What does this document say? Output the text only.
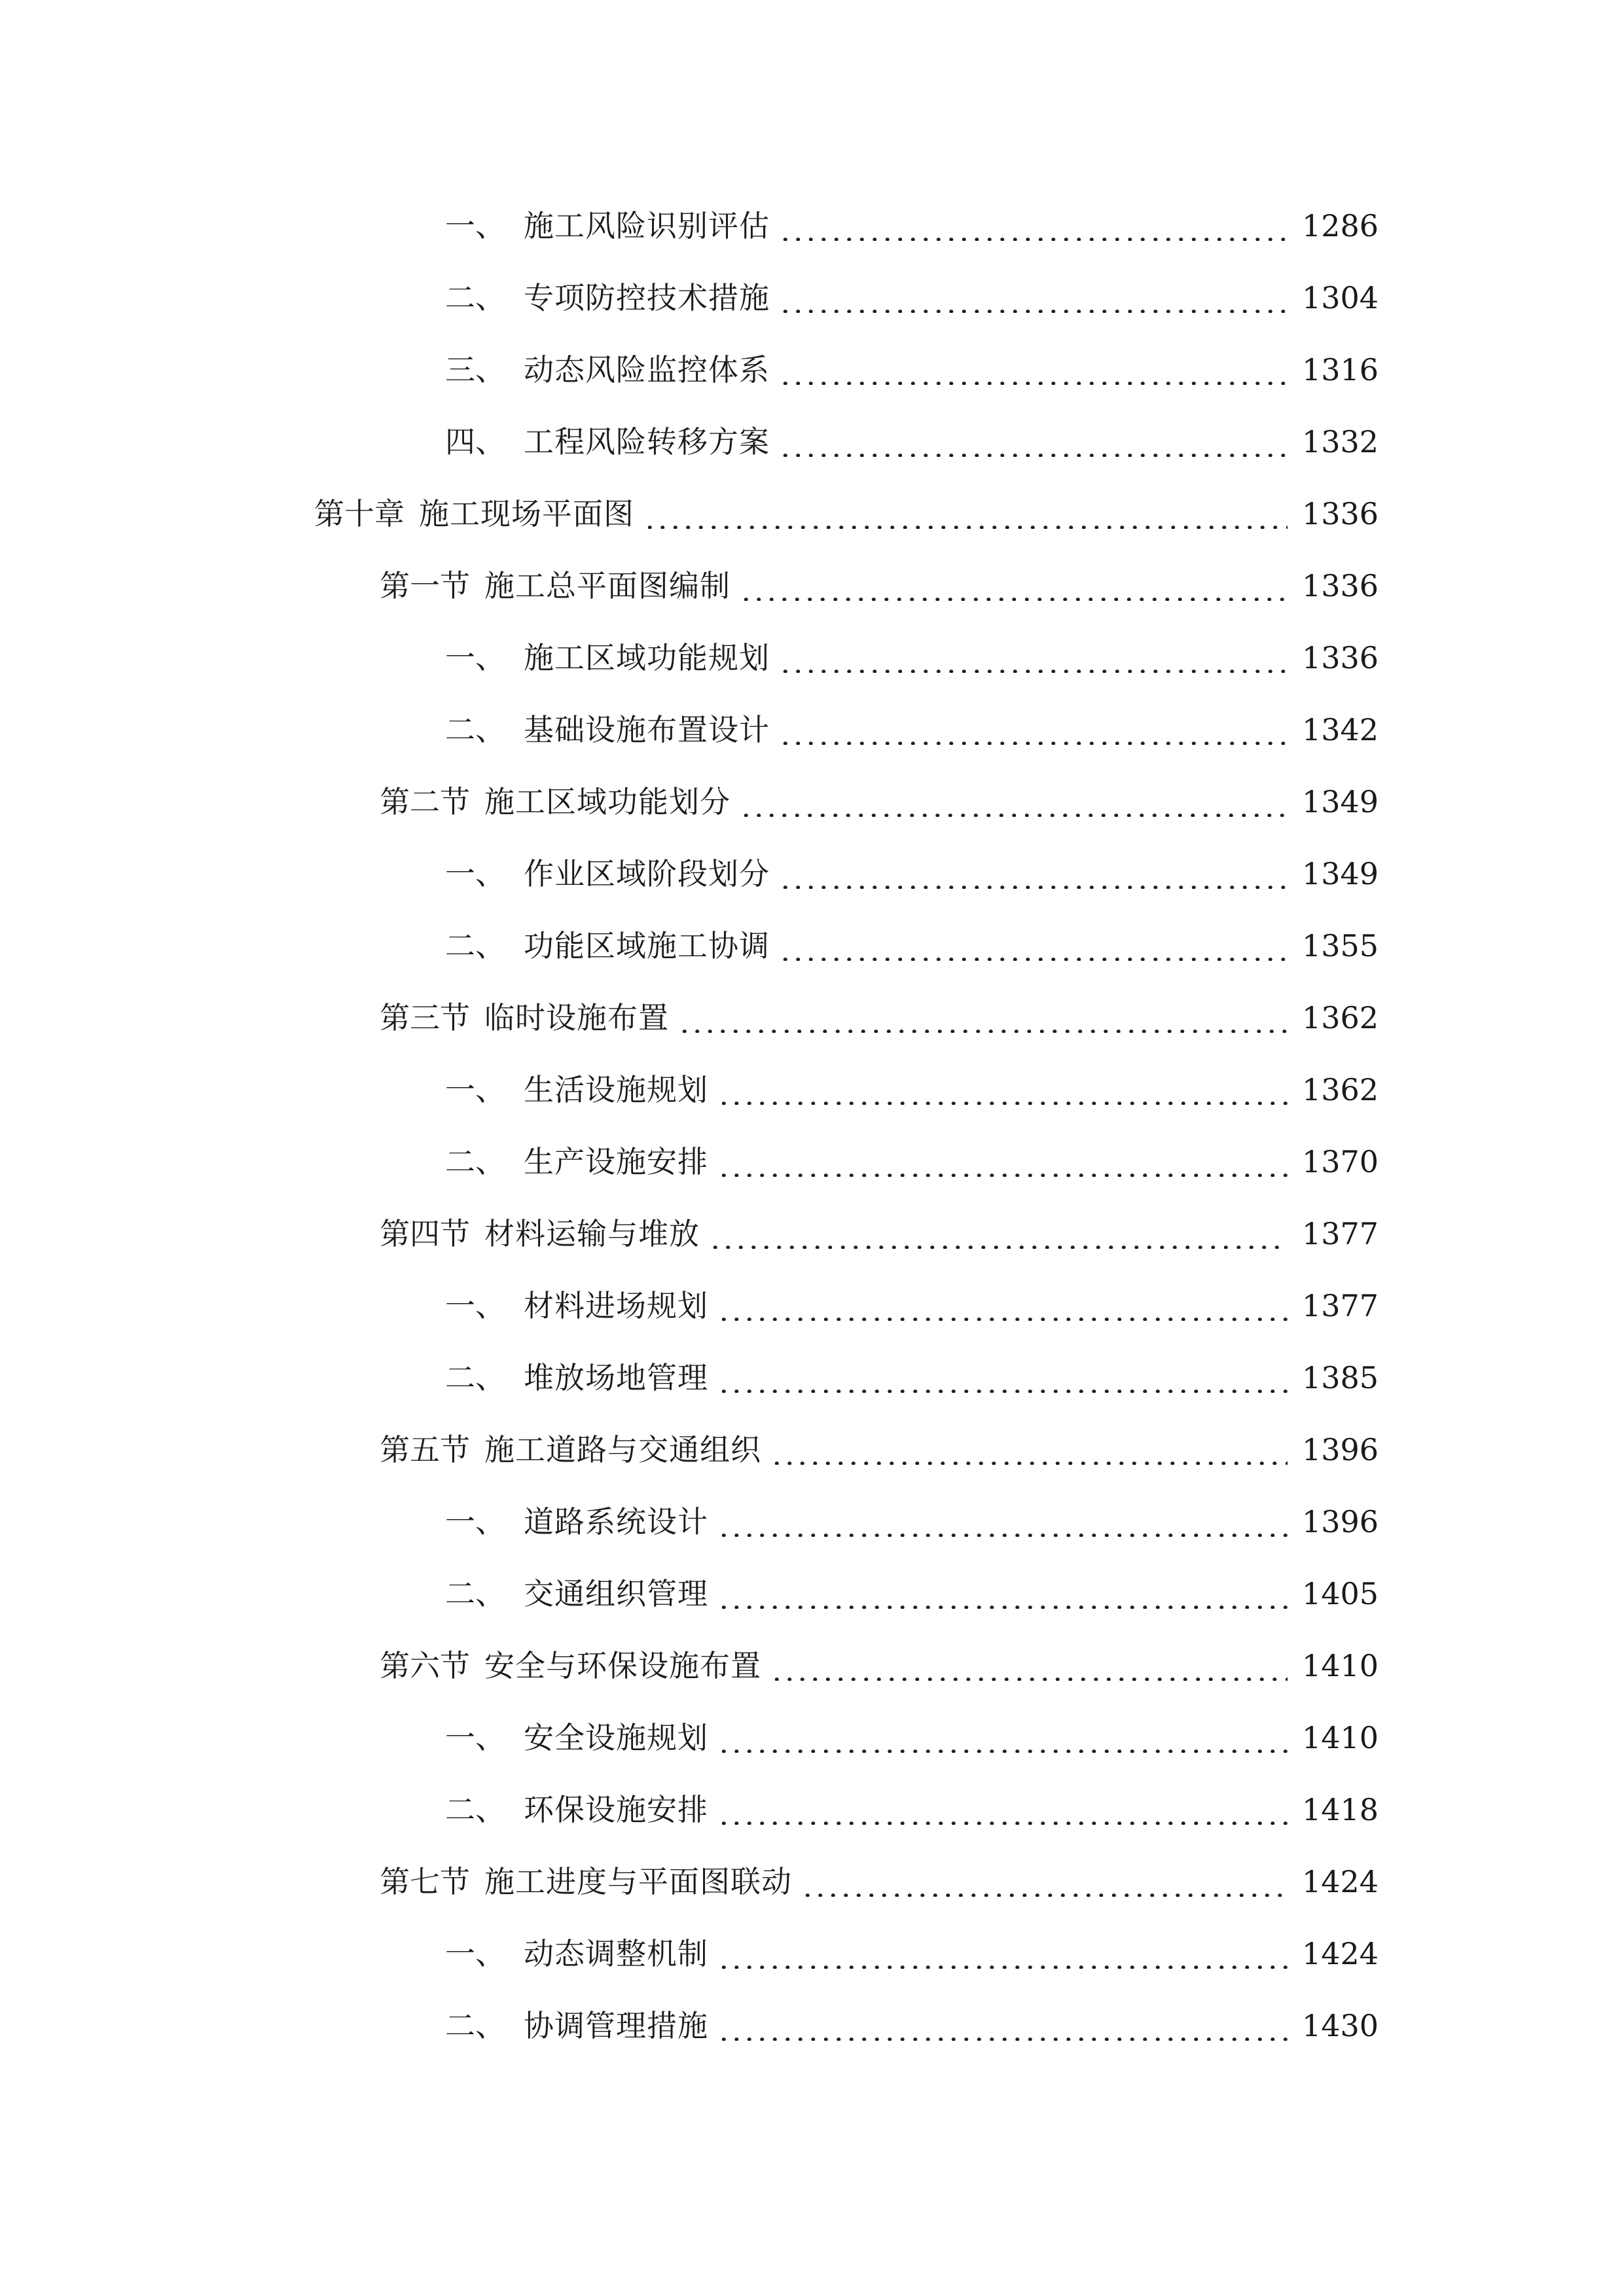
一、 施工风险识别评估	1286
二、 专项防控技术措施	1304
三、 动态风险监控体系	1316
四、 工程风险转移方案	1332
第十章 施工现场平面图	1336
第一节 施工总平面图编制	1336
一、 施工区域功能规划	1336
二、 基础设施布置设计	1342
第二节 施工区域功能划分	1349
一、 作业区域阶段划分	1349
二、 功能区域施工协调	1355
第三节 临时设施布置	1362
一、 生活设施规划	1362
二、 生产设施安排	1370
第四节 材料运输与堆放	1377
一、 材料进场规划	1377
二、 堆放场地管理	1385
第五节 施工道路与交通组织	1396
一、 道路系统设计	1396
二、 交通组织管理	1405
第六节 安全与环保设施布置	1410
一、 安全设施规划	1410
二、 环保设施安排	1418
第七节 施工进度与平面图联动	1424
一、 动态调整机制	1424
二、 协调管理措施	1430
